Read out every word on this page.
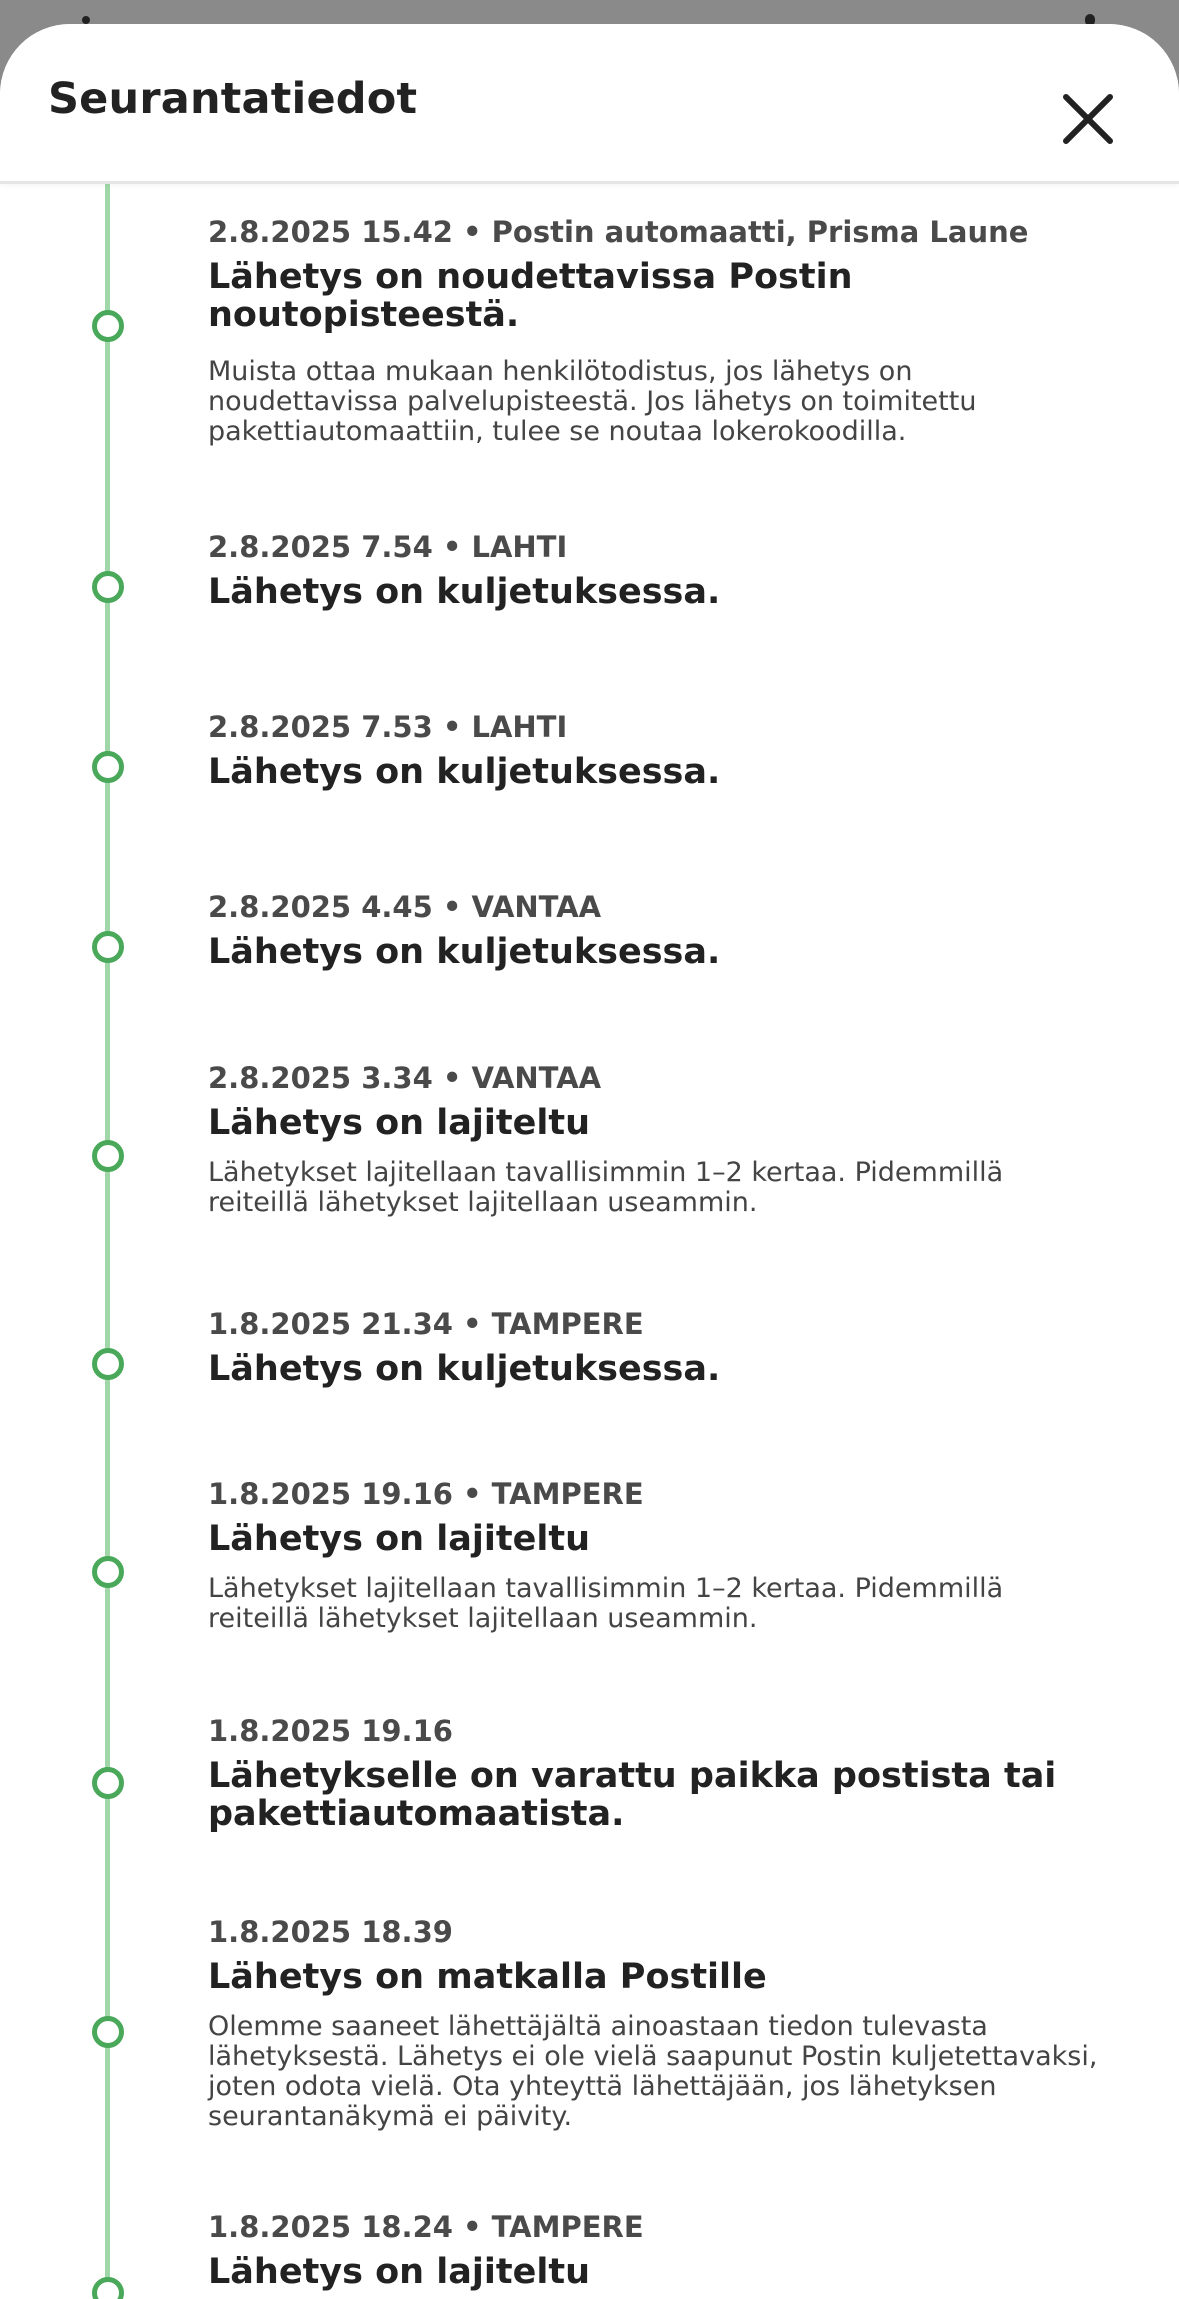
Seurantatiedot
2.8.2025 15.42 • Postin automaatti, Prisma Laune
Lähetys on noudettavissa Postin noutopisteestä.

Muista ottaa mukaan henkilötodistus, jos lähetys on noudettavissa palvelupisteestä. Jos lähetys on toimitettu pakettiautomaattiin, tulee se noutaa lokerokoodilla.

2.8.2025 7.54 • LAHTI
Lähetys on kuljetuksessa.
2.8.2025 7.53 • LAHTI
Lähetys on kuljetuksessa.
2.8.2025 4.45 • VANTAA
Lähetys on kuljetuksessa.
2.8.2025 3.34 • VANTAA
Lähetys on lajiteltu

Lähetykset lajitellaan tavallisimmin 1–2 kertaa. Pidemmillä reiteillä lähetykset lajitellaan useammin.

1.8.2025 21.34 • TAMPERE
Lähetys on kuljetuksessa.
1.8.2025 19.16 • TAMPERE
Lähetys on lajiteltu

Lähetykset lajitellaan tavallisimmin 1–2 kertaa. Pidemmillä reiteillä lähetykset lajitellaan useammin.

1.8.2025 19.16
Lähetykselle on varattu paikka postista tai pakettiautomaatista.
1.8.2025 18.39
Lähetys on matkalla Postille

Olemme saaneet lähettäjältä ainoastaan tiedon tulevasta lähetyksestä. Lähetys ei ole vielä saapunut Postin kuljetettavaksi, joten odota vielä. Ota yhteyttä lähettäjään, jos lähetyksen seurantanäkymä ei päivity.

1.8.2025 18.24 • TAMPERE
Lähetys on lajiteltu
